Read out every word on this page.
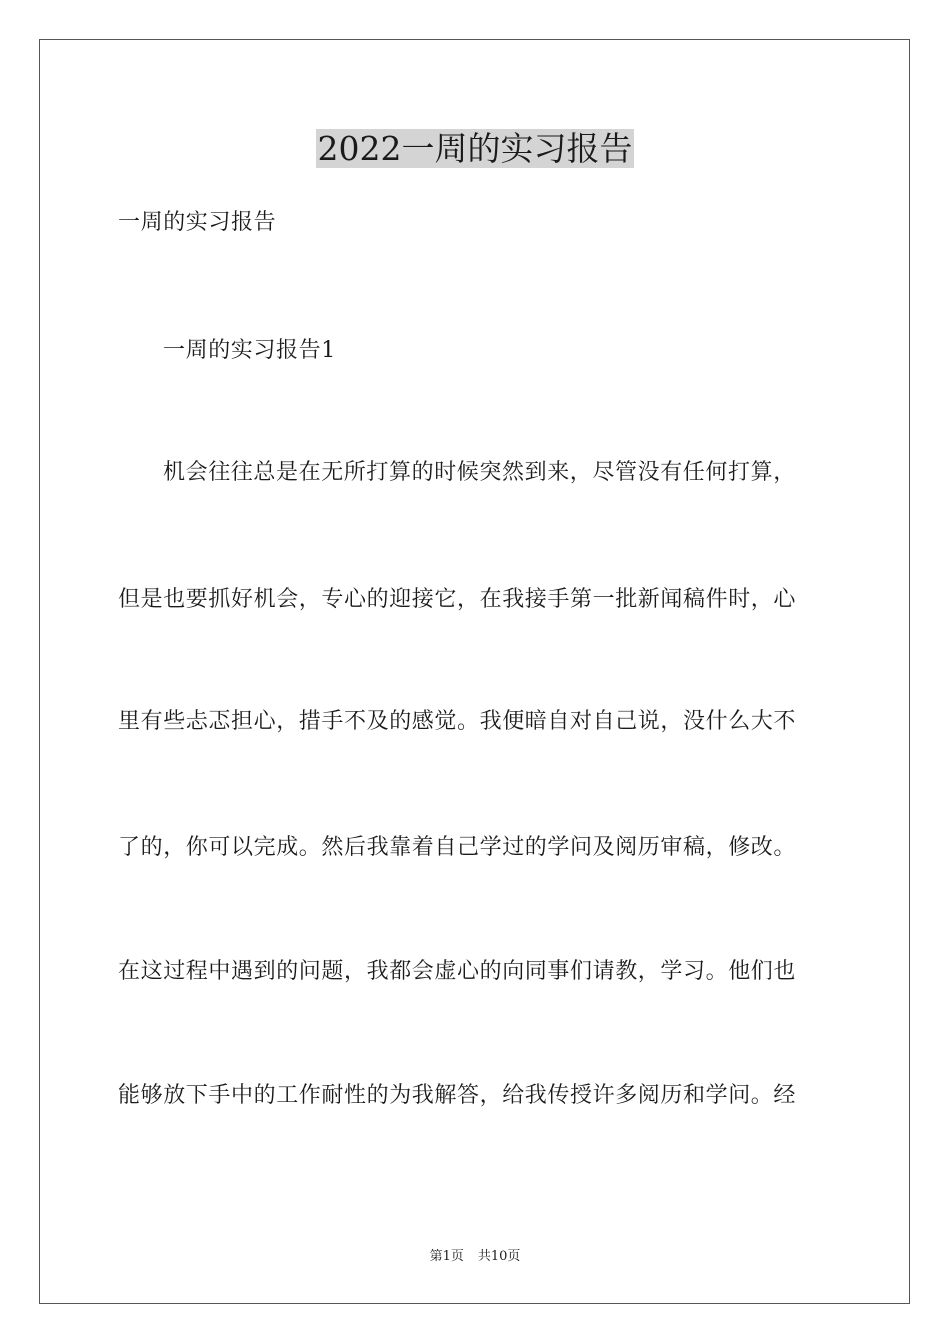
2022一周的实习报告

一周的实习报告

一周的实习报告1

机会往往总是在无所打算的时候突然到来，尽管没有任何打算，

但是也要抓好机会，专心的迎接它，在我接手第一批新闻稿件时，心

里有些忐忑担心，措手不及的感觉。我便暗自对自己说，没什么大不

了的，你可以完成。然后我靠着自己学过的学问及阅历审稿，修改。

在这过程中遇到的问题，我都会虚心的向同事们请教，学习。他们也

能够放下手中的工作耐性的为我解答，给我传授许多阅历和学问。经

第1页 共10页
